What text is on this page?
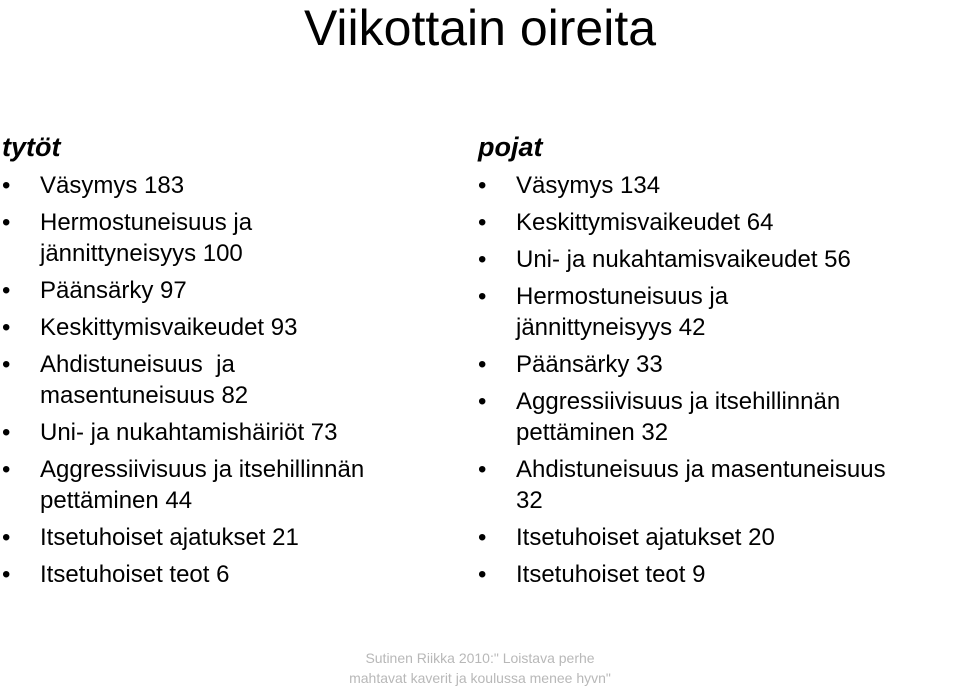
Viikottain oireita
tytöt
•	Väsymys 183
•	Hermostuneisuus ja
jännittyneisyys 100
•	Päänsärky 97
•	Keskittymisvaikeudet 93
•	Ahdistuneisuus  ja
masentuneisuus 82
•	Uni- ja nukahtamishäiriöt 73
•	Aggressiivisuus ja itsehillinnän
pettäminen 44
•	Itsetuhoiset ajatukset 21
•	Itsetuhoiset teot 6
pojat
•	Väsymys 134
•	Keskittymisvaikeudet 64
•	Uni- ja nukahtamisvaikeudet 56
•	Hermostuneisuus ja
jännittyneisyys 42
•	Päänsärky 33
•	Aggressiivisuus ja itsehillinnän
pettäminen 32
•	Ahdistuneisuus ja masentuneisuus
32
•	Itsetuhoiset ajatukset 20
•	Itsetuhoiset teot 9
Sutinen Riikka 2010:" Loistava perhe
mahtavat kaverit ja koulussa menee hyvn"
